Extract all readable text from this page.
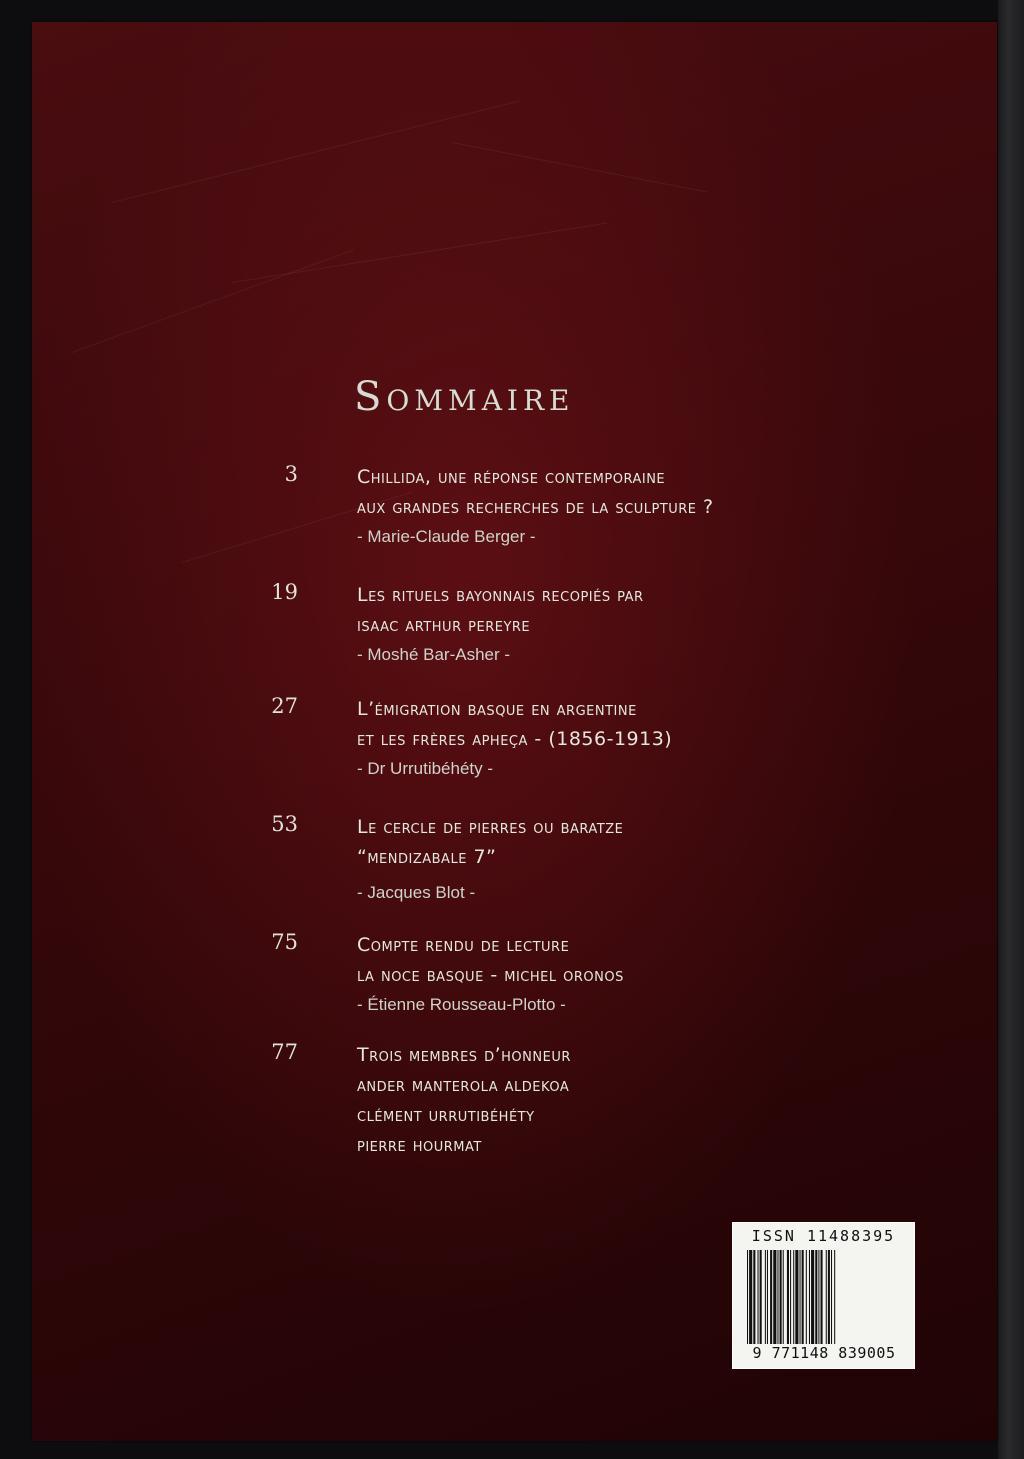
Sommaire
3	Chillida, une réponse contemporaine
aux grandes recherches de la sculpture ?
- Marie-Claude Berger -
19	Les rituels bayonnais recopiés par
isaac arthur pereyre
- Moshé Bar-Asher -
27	L’émigration basque en argentine
et les frères apheça - (1856-1913)
- Dr Urrutibéhéty -
53	Le cercle de pierres ou baratze
“mendizabale 7”
- Jacques Blot -
75	Compte rendu de lecture
la noce basque - michel oronos
- Étienne Rousseau-Plotto -
77	Trois membres d’honneur
ander manterola aldekoa
clément urrutibéhéty
pierre hourmat
ISSN 11488395
9 771148 839005
